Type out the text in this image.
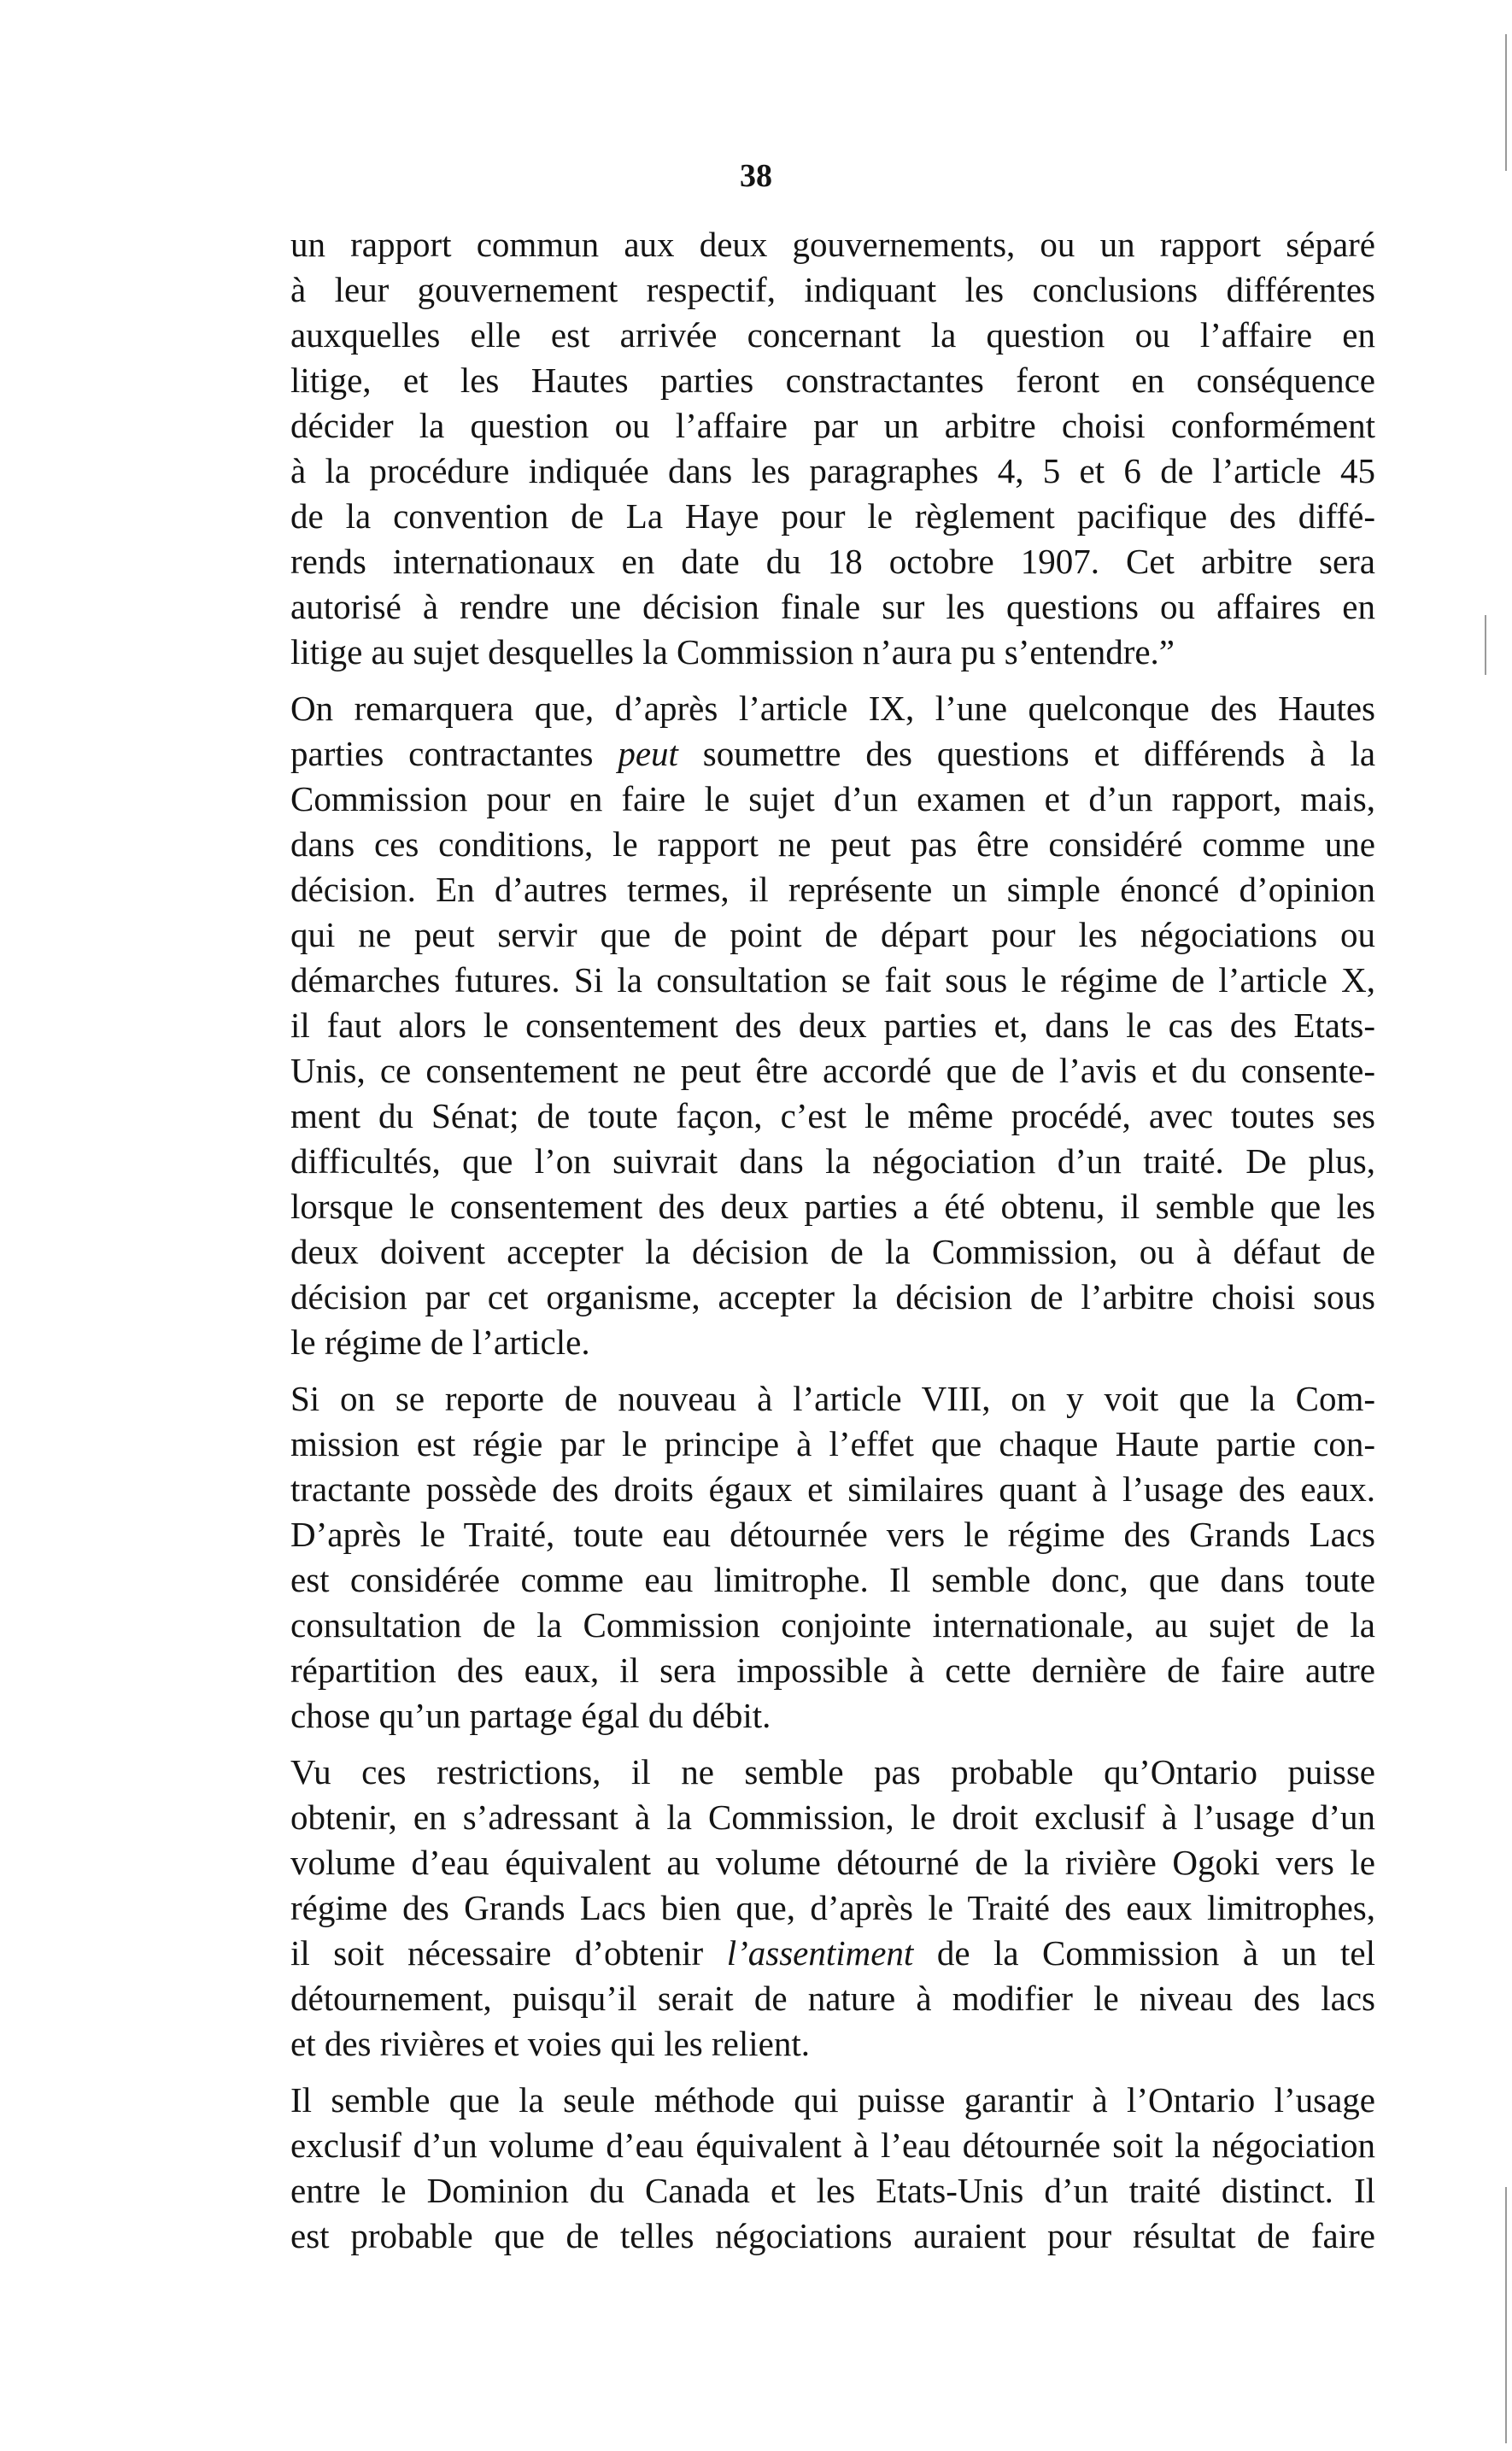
38
un rapport commun aux deux gouvernements, ou un rapport séparé
à leur gouvernement respectif, indiquant les conclusions différentes
auxquelles elle est arrivée concernant la question ou l’affaire en
litige, et les Hautes parties constractantes feront en conséquence
décider la question ou l’affaire par un arbitre choisi conformément
à la procédure indiquée dans les paragraphes 4, 5 et 6 de l’article 45
de la convention de La Haye pour le règlement pacifique des diffé-
rends internationaux en date du 18 octobre 1907. Cet arbitre sera
autorisé à rendre une décision finale sur les questions ou affaires en
litige au sujet desquelles la Commission n’aura pu s’entendre.”
On remarquera que, d’après l’article IX, l’une quelconque des Hautes
parties contractantes peut soumettre des questions et différends à la
Commission pour en faire le sujet d’un examen et d’un rapport, mais,
dans ces conditions, le rapport ne peut pas être considéré comme une
décision. En d’autres termes, il représente un simple énoncé d’opinion
qui ne peut servir que de point de départ pour les négociations ou
démarches futures. Si la consultation se fait sous le régime de l’article X,
il faut alors le consentement des deux parties et, dans le cas des Etats-
Unis, ce consentement ne peut être accordé que de l’avis et du consente-
ment du Sénat; de toute façon, c’est le même procédé, avec toutes ses
difficultés, que l’on suivrait dans la négociation d’un traité. De plus,
lorsque le consentement des deux parties a été obtenu, il semble que les
deux doivent accepter la décision de la Commission, ou à défaut de
décision par cet organisme, accepter la décision de l’arbitre choisi sous
le régime de l’article.
Si on se reporte de nouveau à l’article VIII, on y voit que la Com-
mission est régie par le principe à l’effet que chaque Haute partie con-
tractante possède des droits égaux et similaires quant à l’usage des eaux.
D’après le Traité, toute eau détournée vers le régime des Grands Lacs
est considérée comme eau limitrophe. Il semble donc, que dans toute
consultation de la Commission conjointe internationale, au sujet de la
répartition des eaux, il sera impossible à cette dernière de faire autre
chose qu’un partage égal du débit.
Vu ces restrictions, il ne semble pas probable qu’Ontario puisse
obtenir, en s’adressant à la Commission, le droit exclusif à l’usage d’un
volume d’eau équivalent au volume détourné de la rivière Ogoki vers le
régime des Grands Lacs bien que, d’après le Traité des eaux limitrophes,
il soit nécessaire d’obtenir l’assentiment de la Commission à un tel
détournement, puisqu’il serait de nature à modifier le niveau des lacs
et des rivières et voies qui les relient.
Il semble que la seule méthode qui puisse garantir à l’Ontario l’usage
exclusif d’un volume d’eau équivalent à l’eau détournée soit la négociation
entre le Dominion du Canada et les Etats-Unis d’un traité distinct. Il
est probable que de telles négociations auraient pour résultat de faire
